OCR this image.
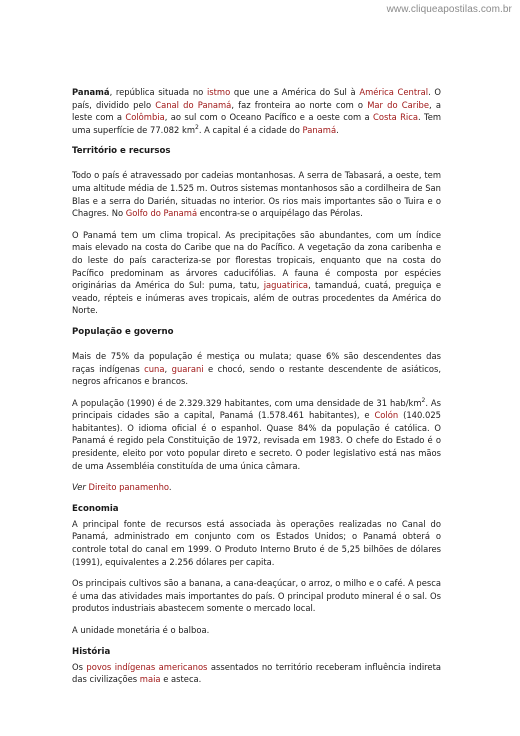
www.cliqueapostilas.com.br

Panamá, república situada no istmo que une a América do Sul à América Central. O país, dividido pelo Canal do Panamá, faz fronteira ao norte com o Mar do Caribe, a leste com a Colômbia, ao sul com o Oceano Pacífico e a oeste com a Costa Rica. Tem uma superfície de 77.082 $km^2$. A capital é a cidade do Panamá.

Território e recursos

Todo o país é atravessado por cadeias montanhosas. A serra de Tabasará, a oeste, tem uma altitude média de 1.525 m. Outros sistemas montanhosos são a cordilheira de San Blas e a serra do Darién, situadas no interior. Os rios mais importantes são o Tuira e o Chagres. No Golfo do Panamá encontra-se o arquipélago das Pérolas.

O Panamá tem um clima tropical. As precipitações são abundantes, com um índice mais elevado na costa do Caribe que na do Pacífico. A vegetação da zona caribenha e do leste do país caracteriza-se por florestas tropicais, enquanto que na costa do Pacífico predominam as árvores caducifólias. A fauna é composta por espécies originárias da América do Sul: puma, tatu, jaguatirica, tamanduá, cuatá, preguiça e veado, répteis e inúmeras aves tropicais, além de outras procedentes da América do Norte.

População e governo

Mais de 75% da população é mestiça ou mulata; quase 6% são descendentes das raças indígenas cuna, guarani e chocó, sendo o restante descendente de asiáticos, negros africanos e brancos.

A população (1990) é de 2.329.329 habitantes, com uma densidade de 31 hab/$km^2$. As principais cidades são a capital, Panamá (1.578.461 habitantes), e Colón (140.025 habitantes). O idioma oficial é o espanhol. Quase 84% da população é católica. O Panamá é regido pela Constituição de 1972, revisada em 1983. O chefe do Estado é o presidente, eleito por voto popular direto e secreto. O poder legislativo está nas mãos de uma Assembléia constituída de uma única câmara.

Ver Direito panamenho.

Economia

A principal fonte de recursos está associada às operações realizadas no Canal do Panamá, administrado em conjunto com os Estados Unidos; o Panamá obterá o controle total do canal em 1999. O Produto Interno Bruto é de 5,25 bilhões de dólares (1991), equivalentes a 2.256 dólares per capita.

Os principais cultivos são a banana, a cana-deaçúcar, o arroz, o milho e o café. A pesca é uma das atividades mais importantes do país. O principal produto mineral é o sal. Os produtos industriais abastecem somente o mercado local.

A unidade monetária é o balboa.

História

Os povos indígenas americanos assentados no território receberam influência indireta das civilizações maia e asteca.
